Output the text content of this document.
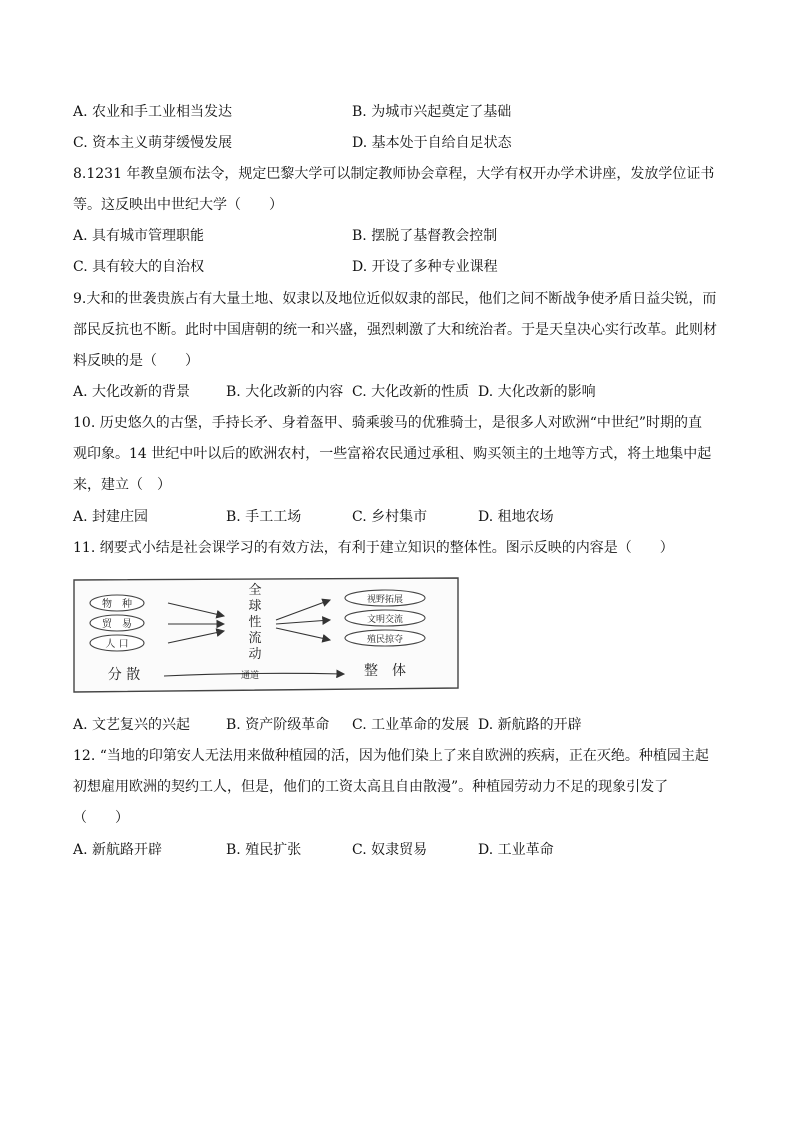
A. 农业和手工业相当发达	B. 为城市兴起奠定了基础
C. 资本主义萌芽缓慢发展	D. 基本处于自给自足状态
8.1231 年教皇颁布法令，规定巴黎大学可以制定教师协会章程，大学有权开办学术讲座，发放学位证书
等。这反映出中世纪大学（　　）
A. 具有城市管理职能	B. 摆脱了基督教会控制
C. 具有较大的自治权	D. 开设了多种专业课程
9.大和的世袭贵族占有大量土地、奴隶以及地位近似奴隶的部民，他们之间不断战争使矛盾日益尖锐，而
部民反抗也不断。此时中国唐朝的统一和兴盛，强烈刺激了大和统治者。于是天皇决心实行改革。此则材
料反映的是（　　）
A. 大化改新的背景	B. 大化改新的内容 C. 大化改新的性质 D. 大化改新的影响
10. 历史悠久的古堡，手持长矛、身着盔甲、骑乘骏马的优雅骑士，是很多人对欧洲“中世纪”时期的直
观印象。14 世纪中叶以后的欧洲农村，一些富裕农民通过承租、购买领主的土地等方式，将土地集中起
来，建立（　）
A. 封建庄园	B. 手工工场	C. 乡村集市	D. 租地农场
11. 纲要式小结是社会课学习的有效方法，有利于建立知识的整体性。图示反映的内容是（　　）
物　种
贸　易
人 口
全
球
性
流
动
视野拓展
文明交流
殖民掠夺
分 散	通道	整　体
A. 文艺复兴的兴起	B. 资产阶级革命 C. 工业革命的发展 D. 新航路的开辟
12. “当地的印第安人无法用来做种植园的活，因为他们染上了来自欧洲的疾病，正在灭绝。种植园主起
初想雇用欧洲的契约工人，但是，他们的工资太高且自由散漫”。种植园劳动力不足的现象引发了
（　　）
A. 新航路开辟	B. 殖民扩张	C. 奴隶贸易	D. 工业革命
